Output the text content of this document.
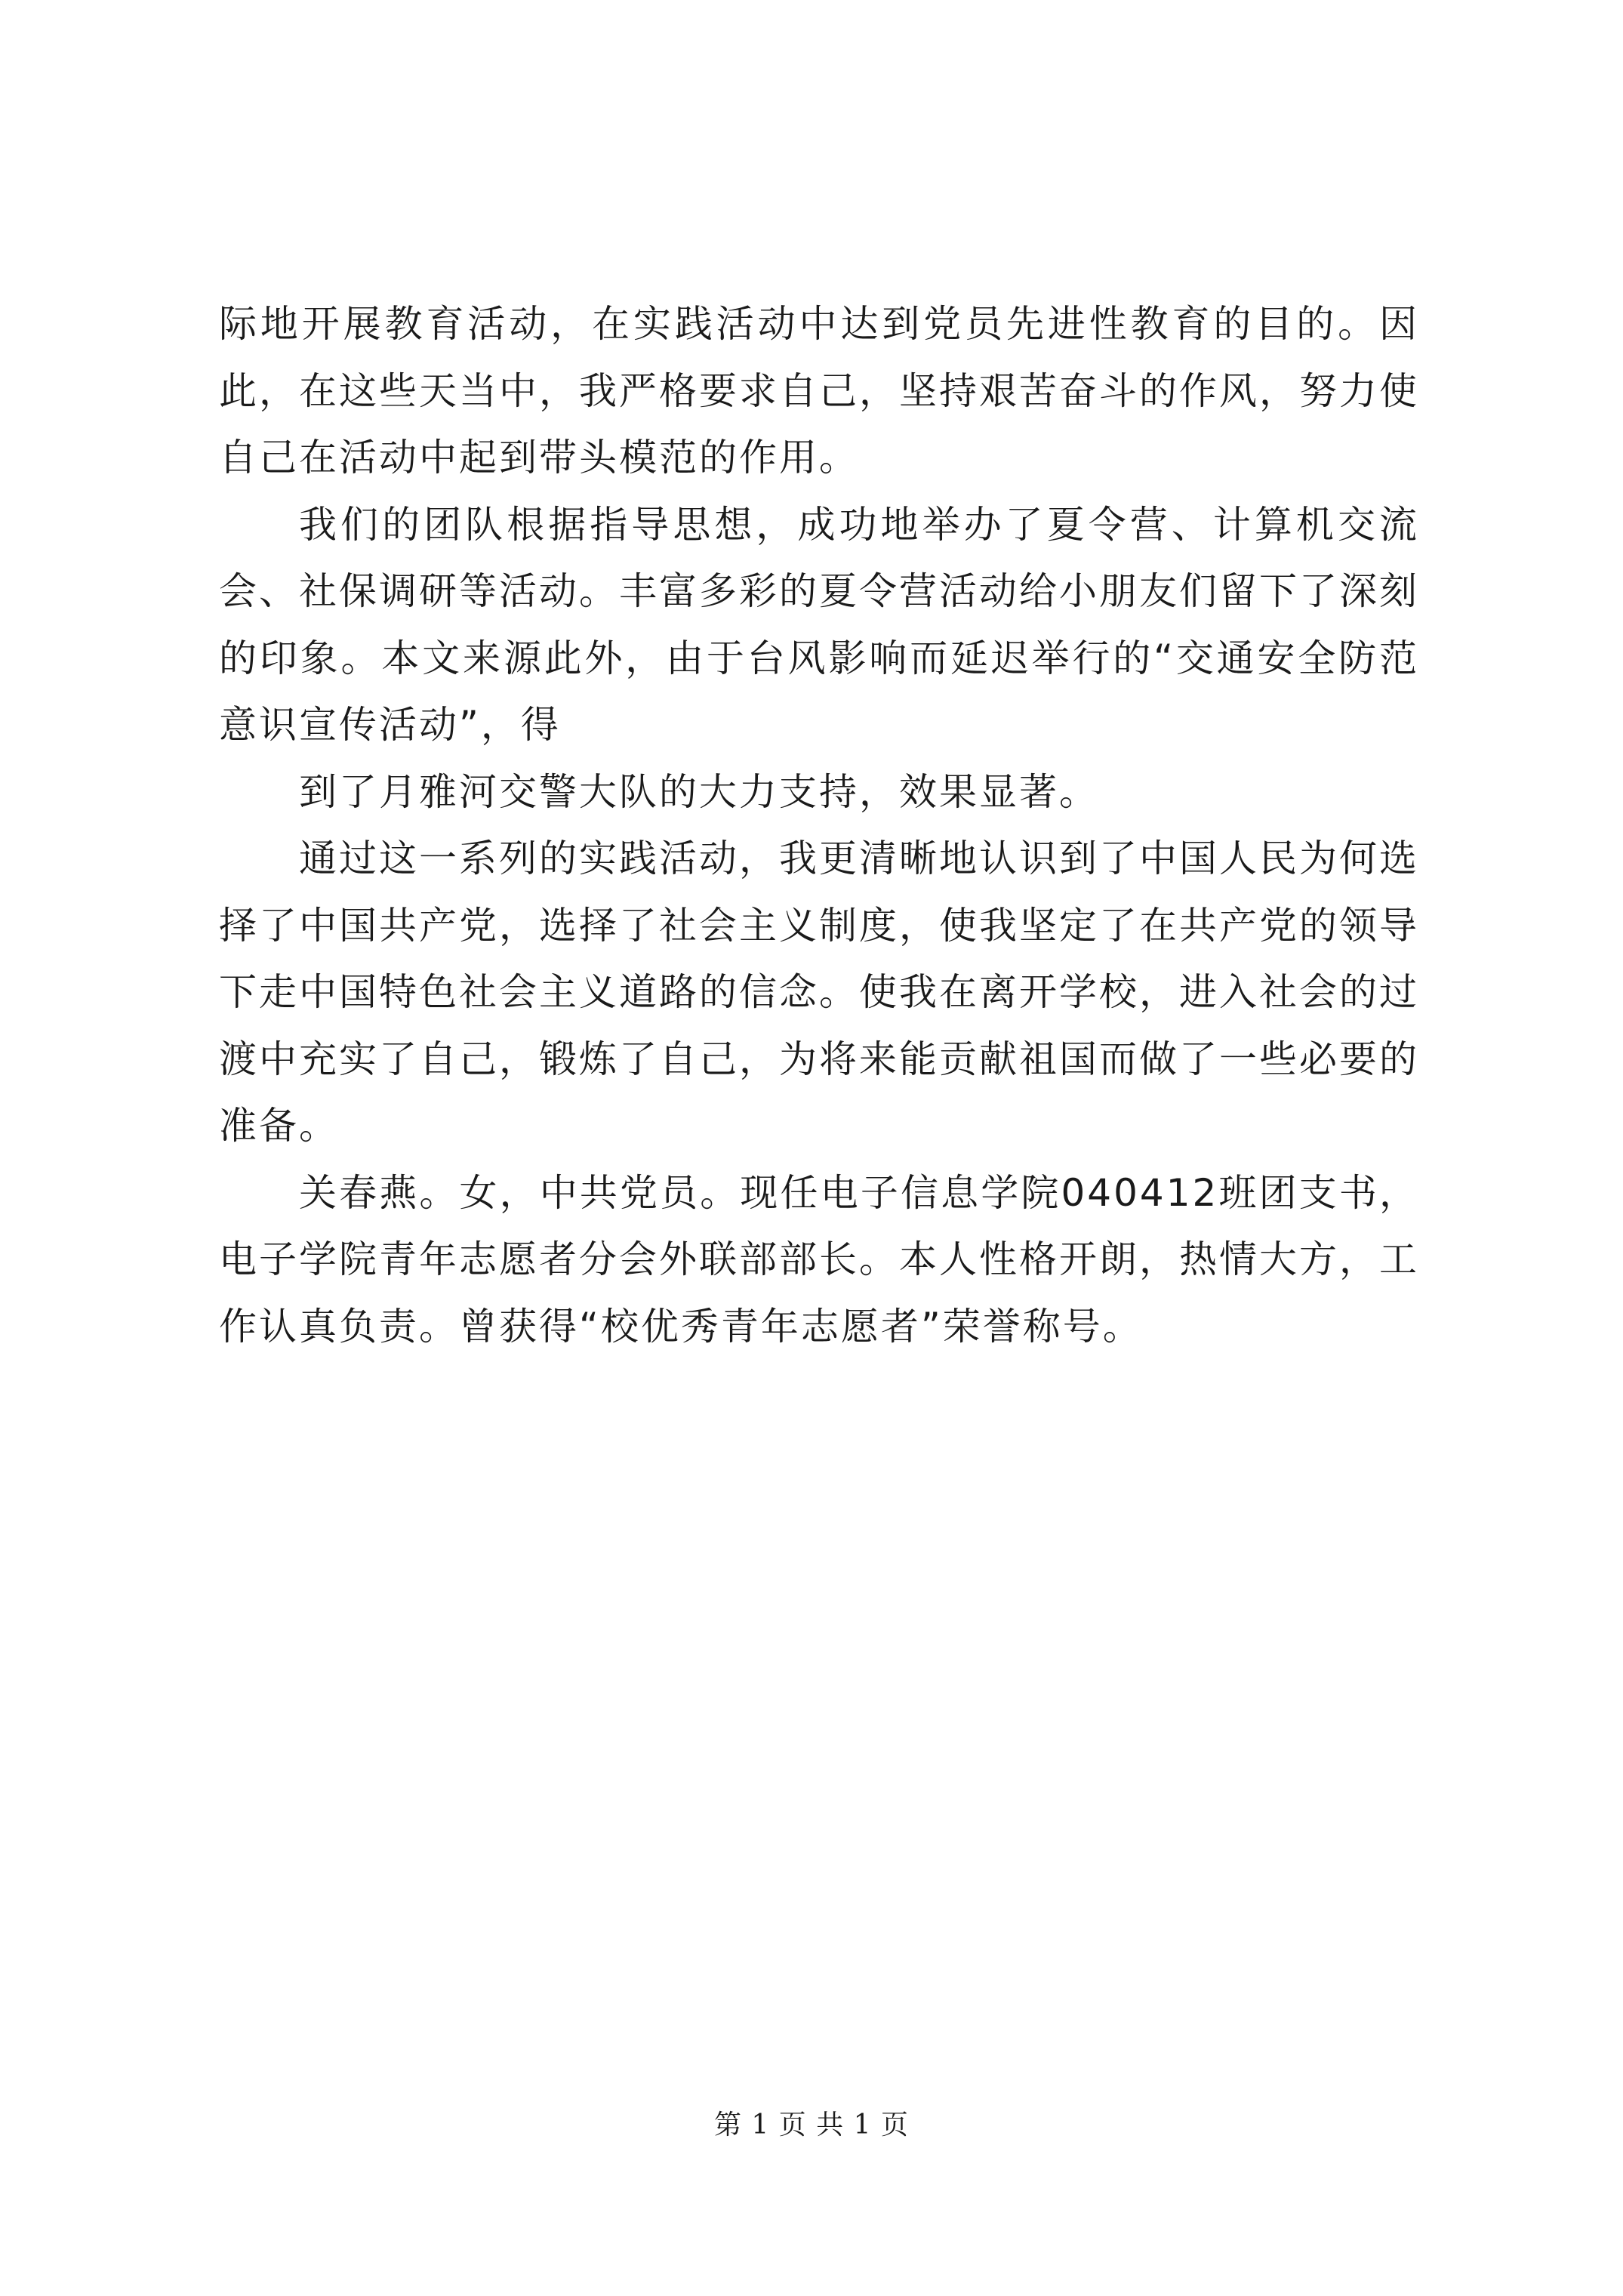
际地开展教育活动，在实践活动中达到党员先进性教育的目的。因此，在这些天当中，我严格要求自己，坚持艰苦奋斗的作风，努力使自己在活动中起到带头模范的作用。

我们的团队根据指导思想，成功地举办了夏令营、计算机交流会、社保调研等活动。丰富多彩的夏令营活动给小朋友们留下了深刻的印象。本文来源此外，由于台风影响而延迟举行的“交通安全防范意识宣传活动”，得

到了月雅河交警大队的大力支持，效果显著。

通过这一系列的实践活动，我更清晰地认识到了中国人民为何选择了中国共产党，选择了社会主义制度，使我坚定了在共产党的领导下走中国特色社会主义道路的信念。使我在离开学校，进入社会的过渡中充实了自己，锻炼了自己，为将来能贡献祖国而做了一些必要的准备。

关春燕。女，中共党员。现任电子信息学院040412班团支书，电子学院青年志愿者分会外联部部长。本人性格开朗，热情大方，工作认真负责。曾获得“校优秀青年志愿者”荣誉称号。

第 1 页 共 1 页
